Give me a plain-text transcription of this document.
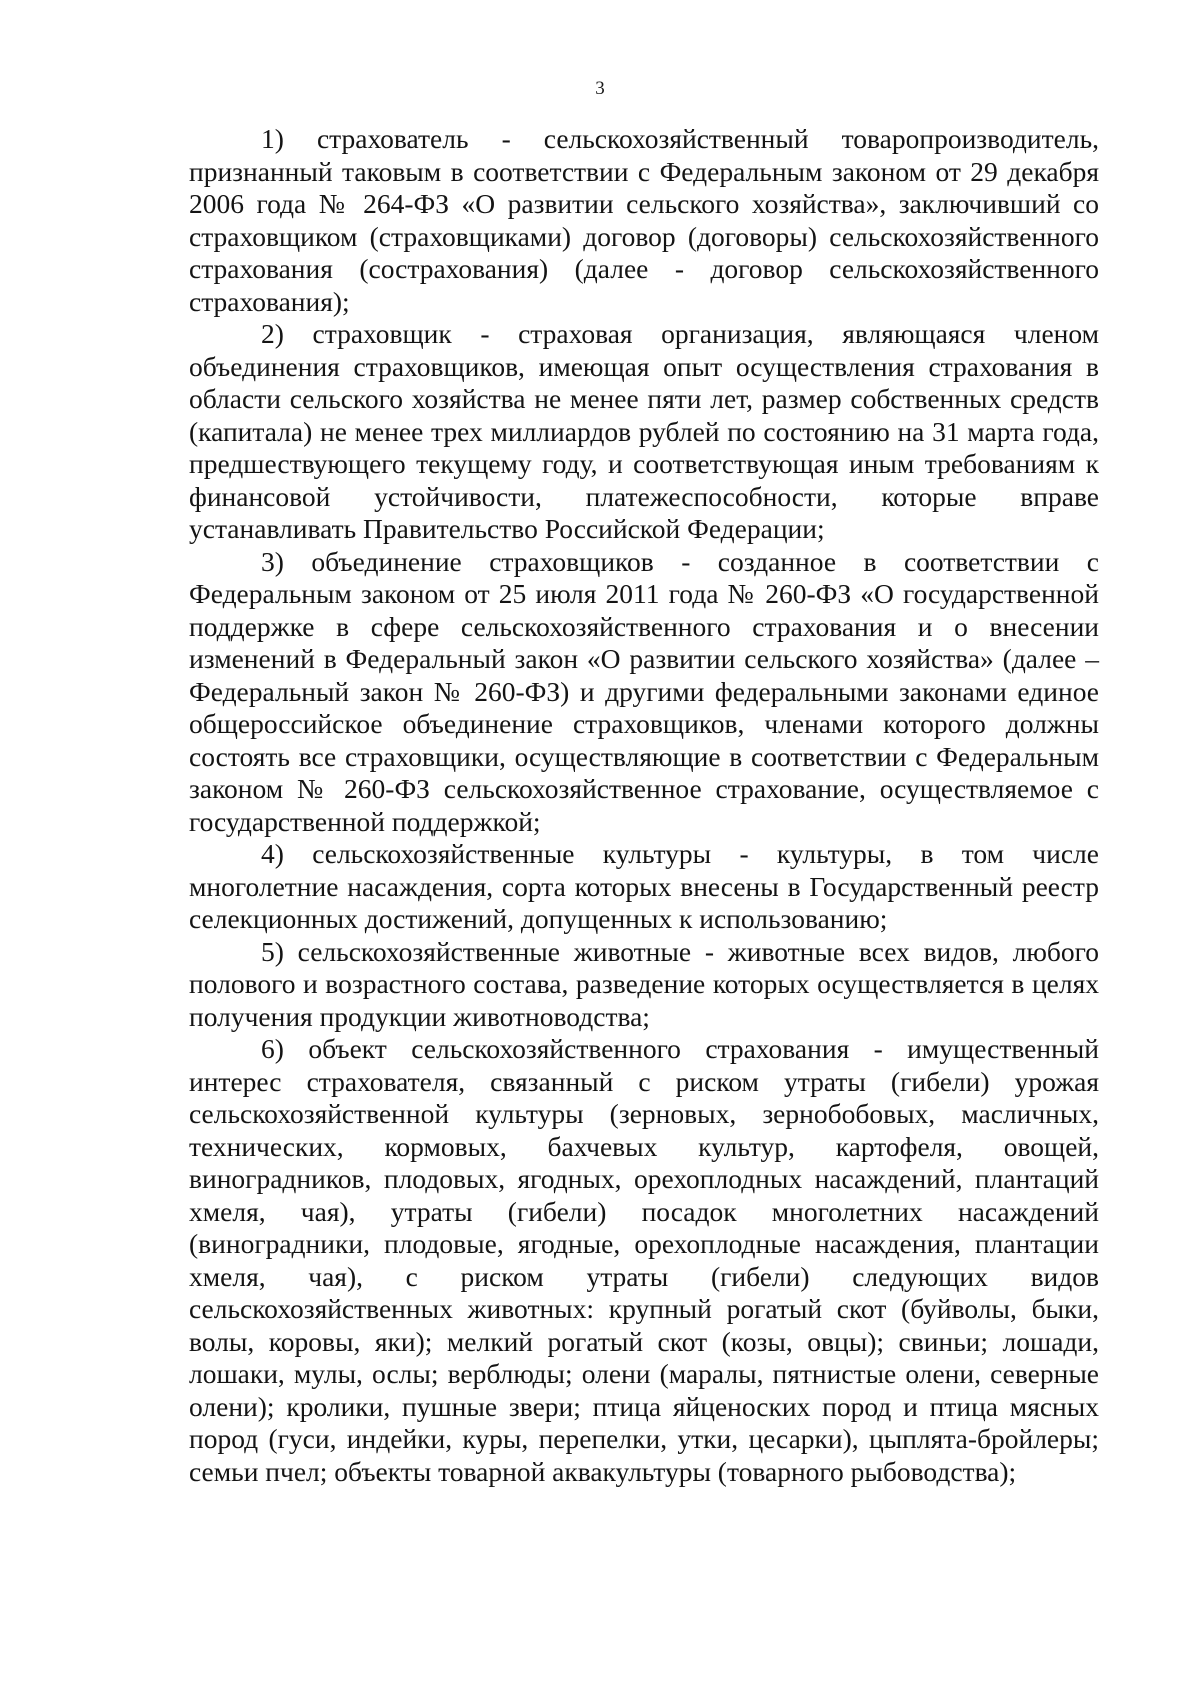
3

1) страхователь - сельскохозяйственный товаропроизводитель, признанный таковым в соответствии с Федеральным законом от 29 декабря 2006 года № 264-ФЗ «О развитии сельского хозяйства», заключивший со страховщиком (страховщиками) договор (договоры) сельскохозяйственного страхования (сострахования) (далее - договор сельскохозяйственного страхования);

2) страховщик - страховая организация, являющаяся членом объединения страховщиков, имеющая опыт осуществления страхования в области сельского хозяйства не менее пяти лет, размер собственных средств (капитала) не менее трех миллиардов рублей по состоянию на 31 марта года, предшествующего текущему году, и соответствующая иным требованиям к финансовой устойчивости, платежеспособности, которые вправе устанавливать Правительство Российской Федерации;

3) объединение страховщиков - созданное в соответствии с Федеральным законом от 25 июля 2011 года № 260-ФЗ «О государственной поддержке в сфере сельскохозяйственного страхования и о внесении изменений в Федеральный закон «О развитии сельского хозяйства» (далее – Федеральный закон № 260-ФЗ) и другими федеральными законами единое общероссийское объединение страховщиков, членами которого должны состоять все страховщики, осуществляющие в соответствии с Федеральным законом № 260-ФЗ сельскохозяйственное страхование, осуществляемое с государственной поддержкой;

4) сельскохозяйственные культуры - культуры, в том числе многолетние насаждения, сорта которых внесены в Государственный реестр селекционных достижений, допущенных к использованию;

5) сельскохозяйственные животные - животные всех видов, любого полового и возрастного состава, разведение которых осуществляется в целях получения продукции животноводства;

6) объект сельскохозяйственного страхования - имущественный интерес страхователя, связанный с риском утраты (гибели) урожая сельскохозяйственной культуры (зерновых, зернобобовых, масличных, технических, кормовых, бахчевых культур, картофеля, овощей, виноградников, плодовых, ягодных, орехоплодных насаждений, плантаций хмеля, чая), утраты (гибели) посадок многолетних насаждений (виноградники, плодовые, ягодные, орехоплодные насаждения, плантации хмеля, чая), с риском утраты (гибели) следующих видов сельскохозяйственных животных: крупный рогатый скот (буйволы, быки, волы, коровы, яки); мелкий рогатый скот (козы, овцы); свиньи; лошади, лошаки, мулы, ослы; верблюды; олени (маралы, пятнистые олени, северные олени); кролики, пушные звери; птица яйценоских пород и птица мясных пород (гуси, индейки, куры, перепелки, утки, цесарки), цыплята-бройлеры; семьи пчел; объекты товарной аквакультуры (товарного рыбоводства);
